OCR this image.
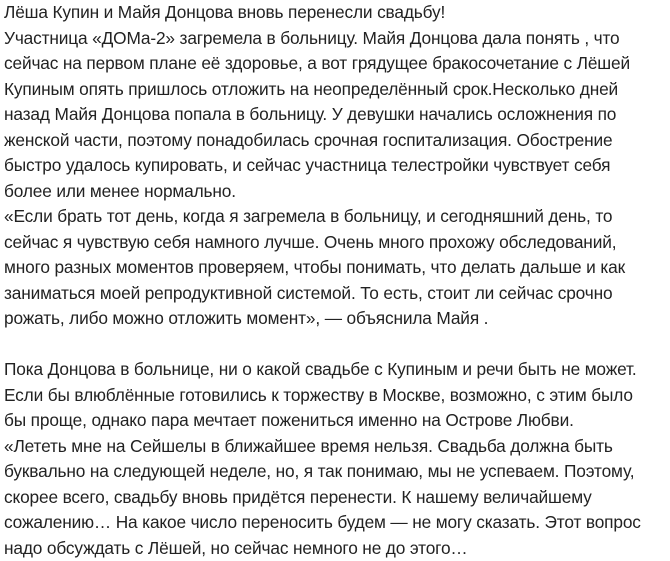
Лёша Купин и Майя Донцова вновь перенесли свадьбу!
Участница «ДОМа-2» загремела в больницу. Майя Донцова дала понять , что
сейчас на первом плане её здоровье, а вот грядущее бракосочетание с Лёшей
Купиным опять пришлось отложить на неопределённый срок.Несколько дней
назад Майя Донцова попала в больницу. У девушки начались осложнения по
женской части, поэтому понадобилась срочная госпитализация. Обострение
быстро удалось купировать, и сейчас участница телестройки чувствует себя
более или менее нормально.
«Если брать тот день, когда я загремела в больницу, и сегодняшний день, то
сейчас я чувствую себя намного лучше. Очень много прохожу обследований,
много разных моментов проверяем, чтобы понимать, что делать дальше и как
заниматься моей репродуктивной системой. То есть, стоит ли сейчас срочно
рожать, либо можно отложить момент», — объяснила Майя .
Пока Донцова в больнице, ни о какой свадьбе с Купиным и речи быть не может.
Если бы влюблённые готовились к торжеству в Москве, возможно, с этим было
бы проще, однако пара мечтает пожениться именно на Острове Любви.
«Лететь мне на Сейшелы в ближайшее время нельзя. Свадьба должна быть
буквально на следующей неделе, но, я так понимаю, мы не успеваем. Поэтому,
скорее всего, свадьбу вновь придётся перенести. К нашему величайшему
сожалению… На какое число переносить будем — не могу сказать. Этот вопрос
надо обсуждать с Лёшей, но сейчас немного не до этого…
